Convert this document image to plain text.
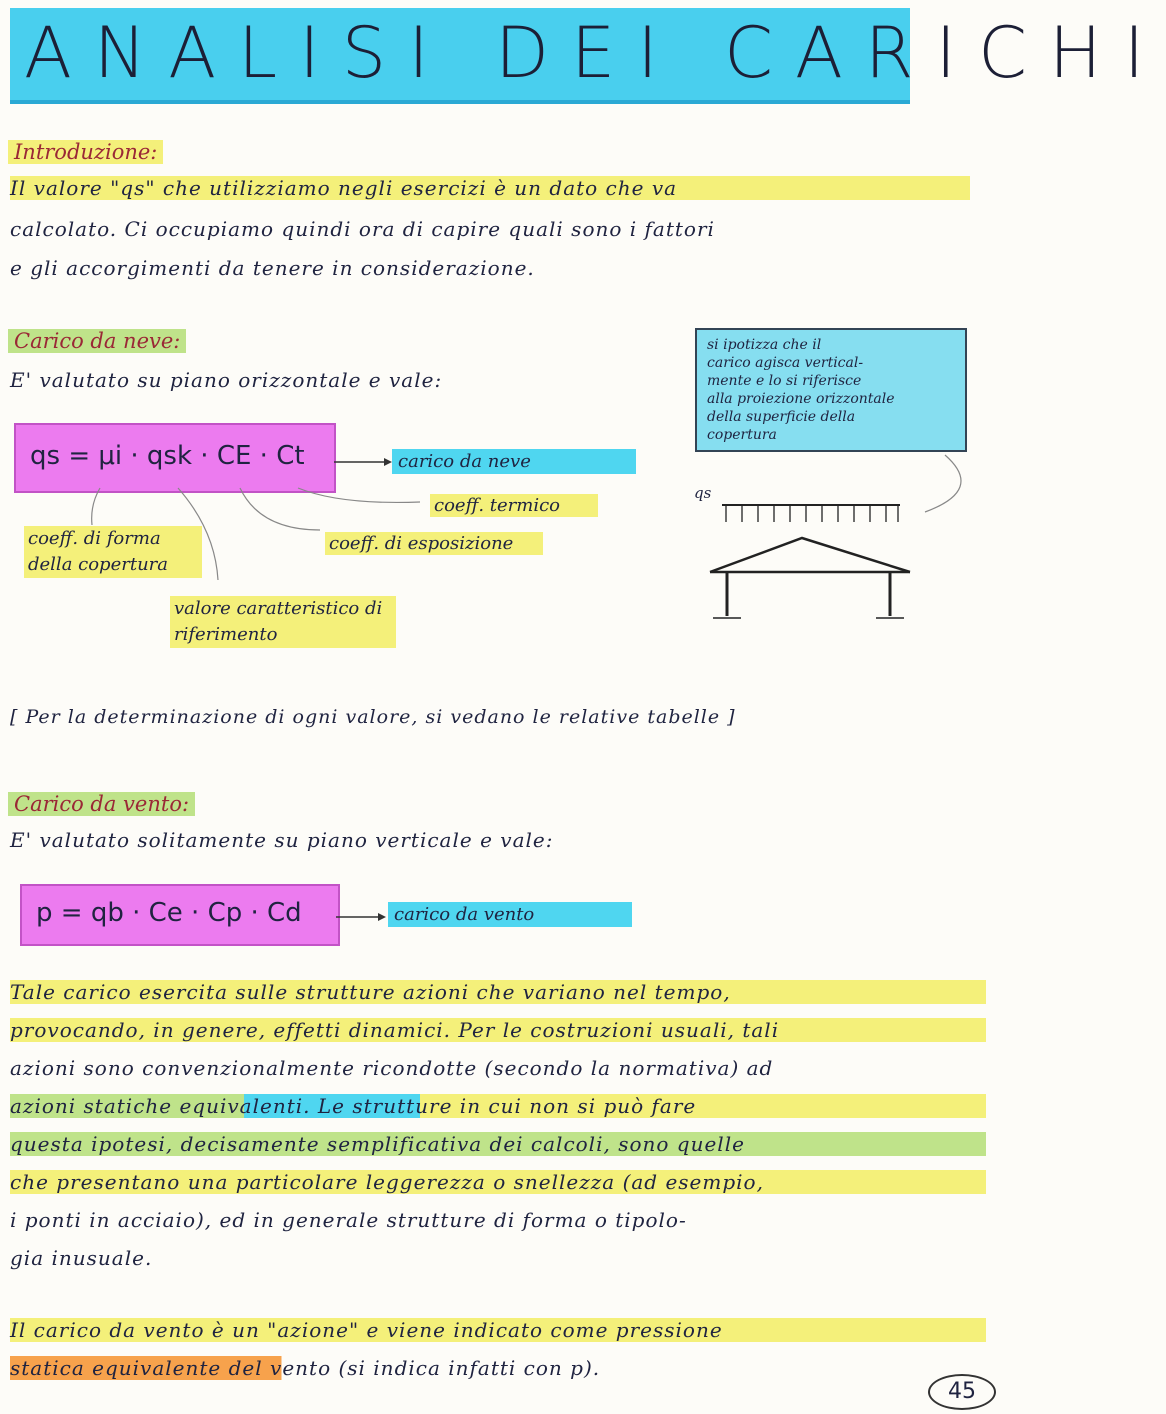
ANALISI DEI CARICHI
Introduzione:
Il valore "qs" che utilizziamo negli esercizi è un dato che va
calcolato. Ci occupiamo quindi ora di capire quali sono i fattori
e gli accorgimenti da tenere in considerazione.
Carico da neve:
E' valutato su piano orizzontale e vale:
qs = μi · qsk · CE · Ct	carico da neve
coeff. termico
coeff. di esposizione
coeff. di forma della copertura
valore caratteristico di riferimento
si ipotizza che il
carico agisca vertical-
mente e lo si riferisce
alla proiezione orizzontale
della superficie della
copertura
qs
[ Per la determinazione di ogni valore, si vedano le relative tabelle ]
Carico da vento:
E' valutato solitamente su piano verticale e vale:
p = qb · Ce · Cp · Cd	carico da vento
Tale carico esercita sulle strutture azioni che variano nel tempo,
provocando, in genere, effetti dinamici. Per le costruzioni usuali, tali
azioni sono convenzionalmente ricondotte (secondo la normativa) ad
azioni statiche equivalenti. Le strutture in cui non si può fare
questa ipotesi, decisamente semplificativa dei calcoli, sono quelle
che presentano una particolare leggerezza o snellezza (ad esempio,
i ponti in acciaio), ed in generale strutture di forma o tipolo-
gia inusuale.
Il carico da vento è un "azione" e viene indicato come pressione
statica equivalente del vento (si indica infatti con p).
45
